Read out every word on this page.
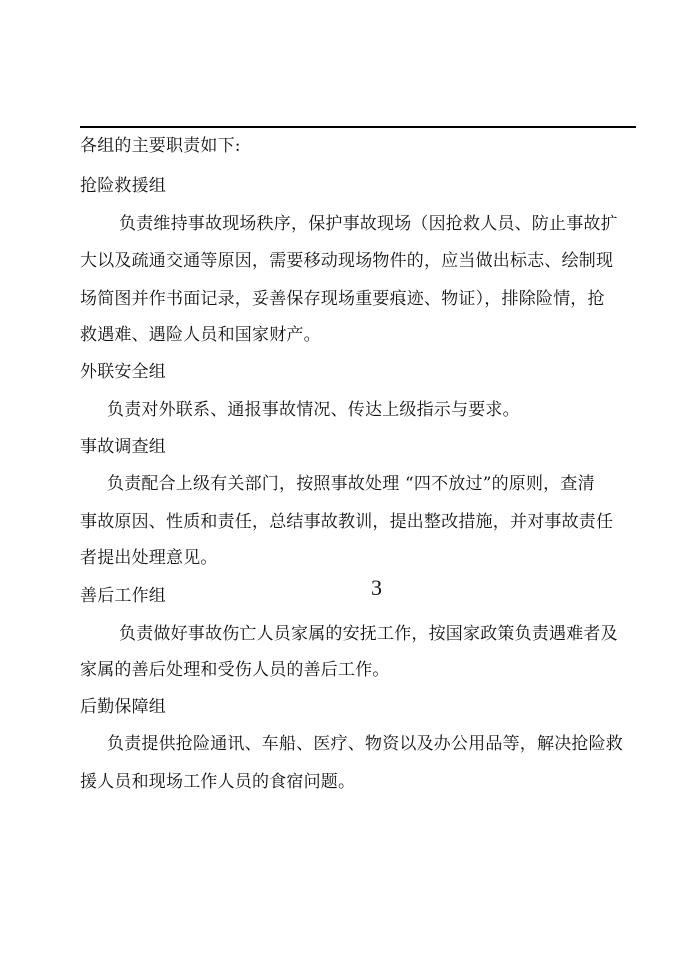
各组的主要职责如下:
抢险救援组
负责维持事故现场秩序，保护事故现场（因抢救人员、防止事故扩
大以及疏通交通等原因，需要移动现场物件的，应当做出标志、绘制现
场简图并作书面记录，妥善保存现场重要痕迹、物证），排除险情，抢
救遇难、遇险人员和国家财产。
外联安全组
负责对外联系、通报事故情况、传达上级指示与要求。
事故调查组
负责配合上级有关部门，按照事故处理 “四不放过”的原则，查清
事故原因、性质和责任，总结事故教训，提出整改措施，并对事故责任
者提出处理意见。
3
善后工作组
负责做好事故伤亡人员家属的安抚工作，按国家政策负责遇难者及
家属的善后处理和受伤人员的善后工作。
后勤保障组
负责提供抢险通讯、车船、医疗、物资以及办公用品等，解决抢险救
援人员和现场工作人员的食宿问题。
